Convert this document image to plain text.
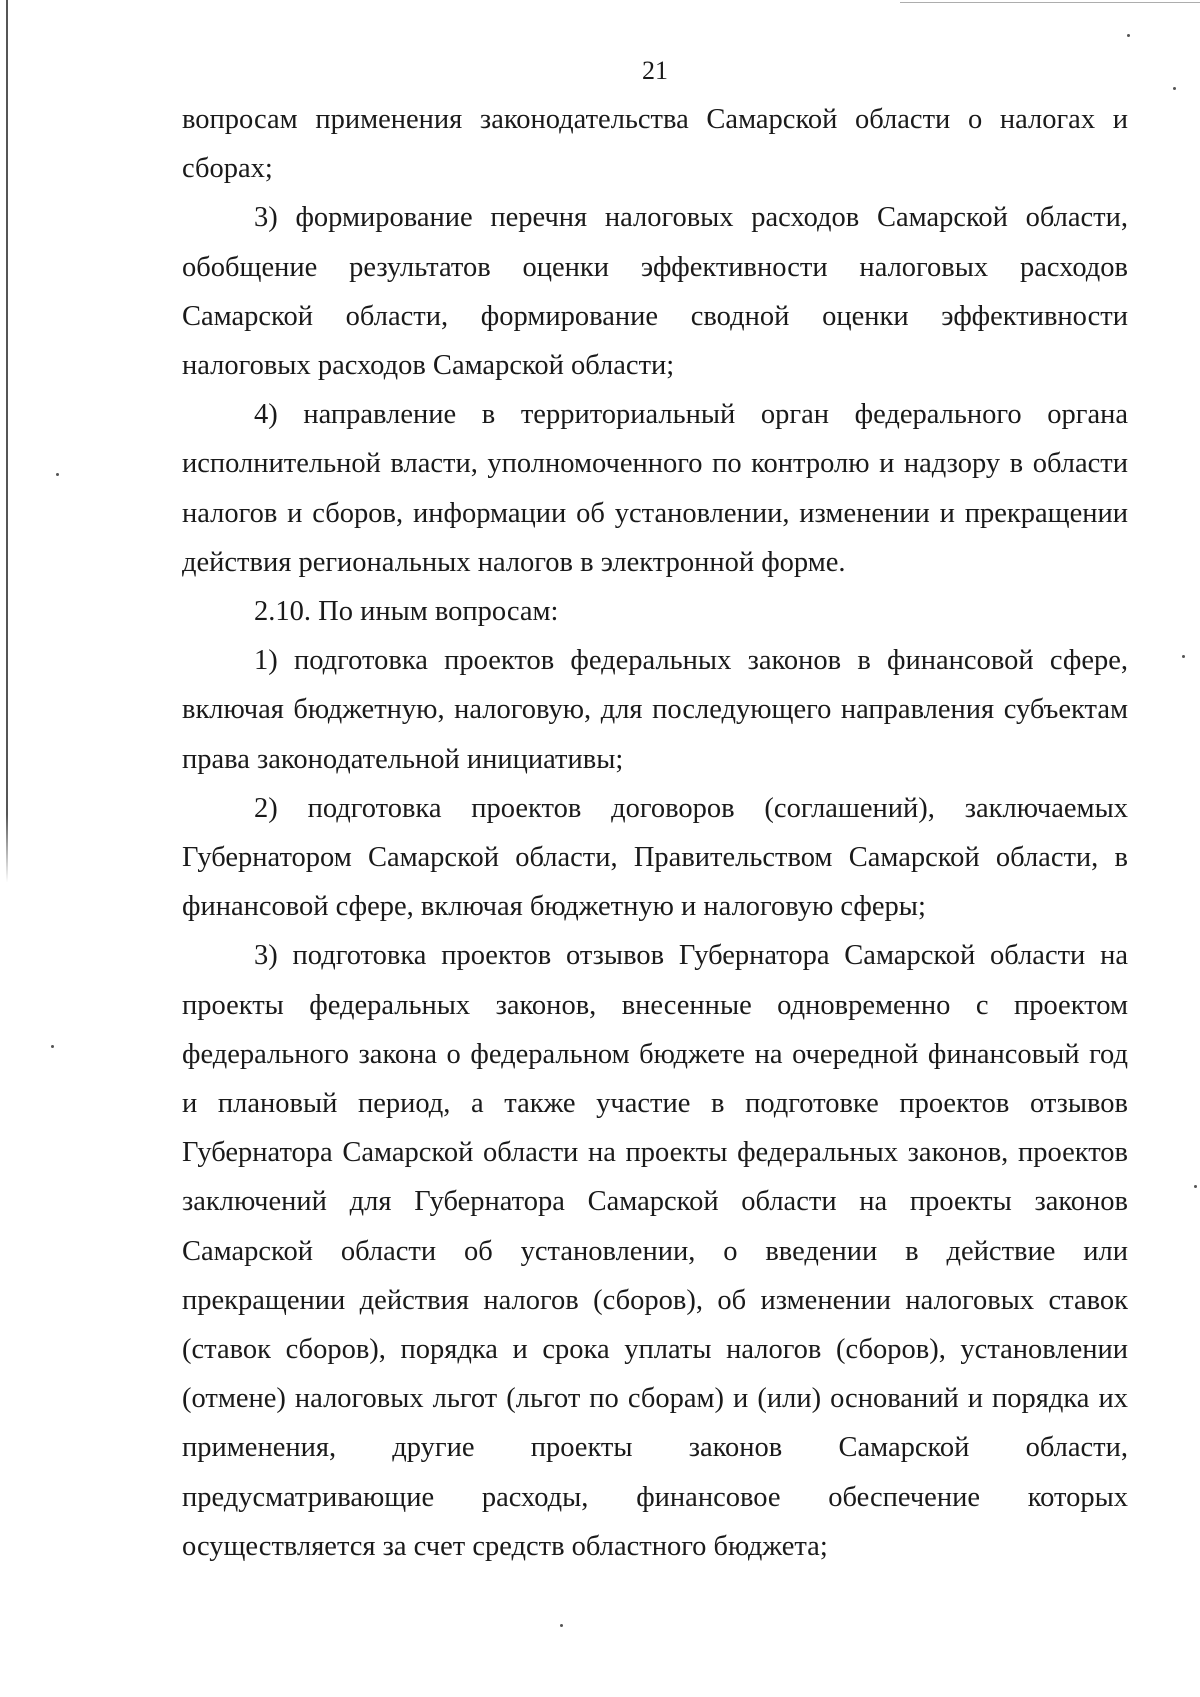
21

вопросам применения законодательства Самарской области о налогах и сборах;

3) формирование перечня налоговых расходов Самарской области, обобщение результатов оценки эффективности налоговых расходов Самарской области, формирование сводной оценки эффективности налоговых расходов Самарской области;

4) направление в территориальный орган федерального органа исполнительной власти, уполномоченного по контролю и надзору в области налогов и сборов, информации об установлении, изменении и прекращении действия региональных налогов в электронной форме.

2.10. По иным вопросам:

1) подготовка проектов федеральных законов в финансовой сфере, включая бюджетную, налоговую, для последующего направления субъектам права законодательной инициативы;

2) подготовка проектов договоров (соглашений), заключаемых Губернатором Самарской области, Правительством Самарской области, в финансовой сфере, включая бюджетную и налоговую сферы;

3) подготовка проектов отзывов Губернатора Самарской области на проекты федеральных законов, внесенные одновременно с проектом федерального закона о федеральном бюджете на очередной финансовый год и плановый период, а также участие в подготовке проектов отзывов Губернатора Самарской области на проекты федеральных законов, проектов заключений для Губернатора Самарской области на проекты законов Самарской области об установлении, о введении в действие или прекращении действия налогов (сборов), об изменении налоговых ставок (ставок сборов), порядка и срока уплаты налогов (сборов), установлении (отмене) налоговых льгот (льгот по сборам) и (или) оснований и порядка их применения, другие проекты законов Самарской области, предусматривающие расходы, финансовое обеспечение которых осуществляется за счет средств областного бюджета;
